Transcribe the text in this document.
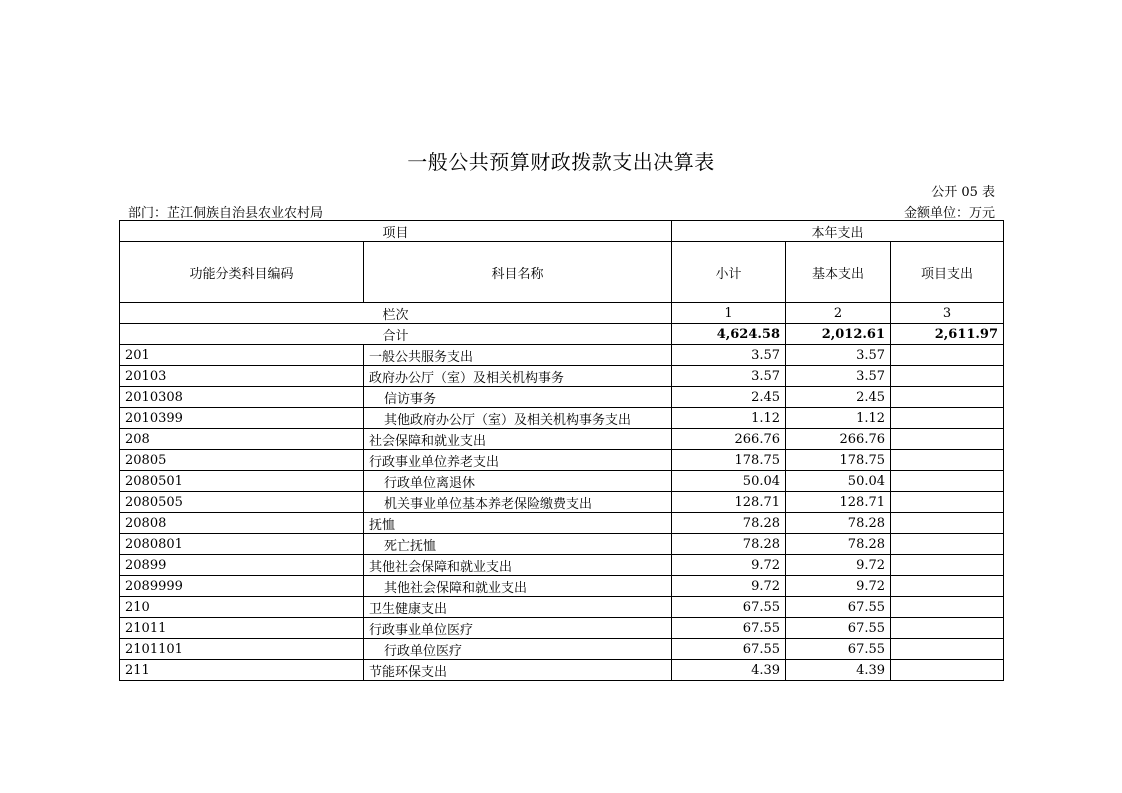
一般公共预算财政拨款支出决算表
公开 05 表
部门：芷江侗族自治县农业农村局	金额单位：万元
项目		本年支出		
功能分类科目编码	科目名称	小计	基本支出	项目支出
栏次		1	2	3
合计		4,624.58	2,012.61	2,611.97
201	一般公共服务支出	3.57	3.57	
20103	政府办公厅（室）及相关机构事务	3.57	3.57	
2010308	信访事务	2.45	2.45	
2010399	其他政府办公厅（室）及相关机构事务支出	1.12	1.12	
208	社会保障和就业支出	266.76	266.76	
20805	行政事业单位养老支出	178.75	178.75	
2080501	行政单位离退休	50.04	50.04	
2080505	机关事业单位基本养老保险缴费支出	128.71	128.71	
20808	抚恤	78.28	78.28	
2080801	死亡抚恤	78.28	78.28	
20899	其他社会保障和就业支出	9.72	9.72	
2089999	其他社会保障和就业支出	9.72	9.72	
210	卫生健康支出	67.55	67.55	
21011	行政事业单位医疗	67.55	67.55	
2101101	行政单位医疗	67.55	67.55	
211	节能环保支出	4.39	4.39	
